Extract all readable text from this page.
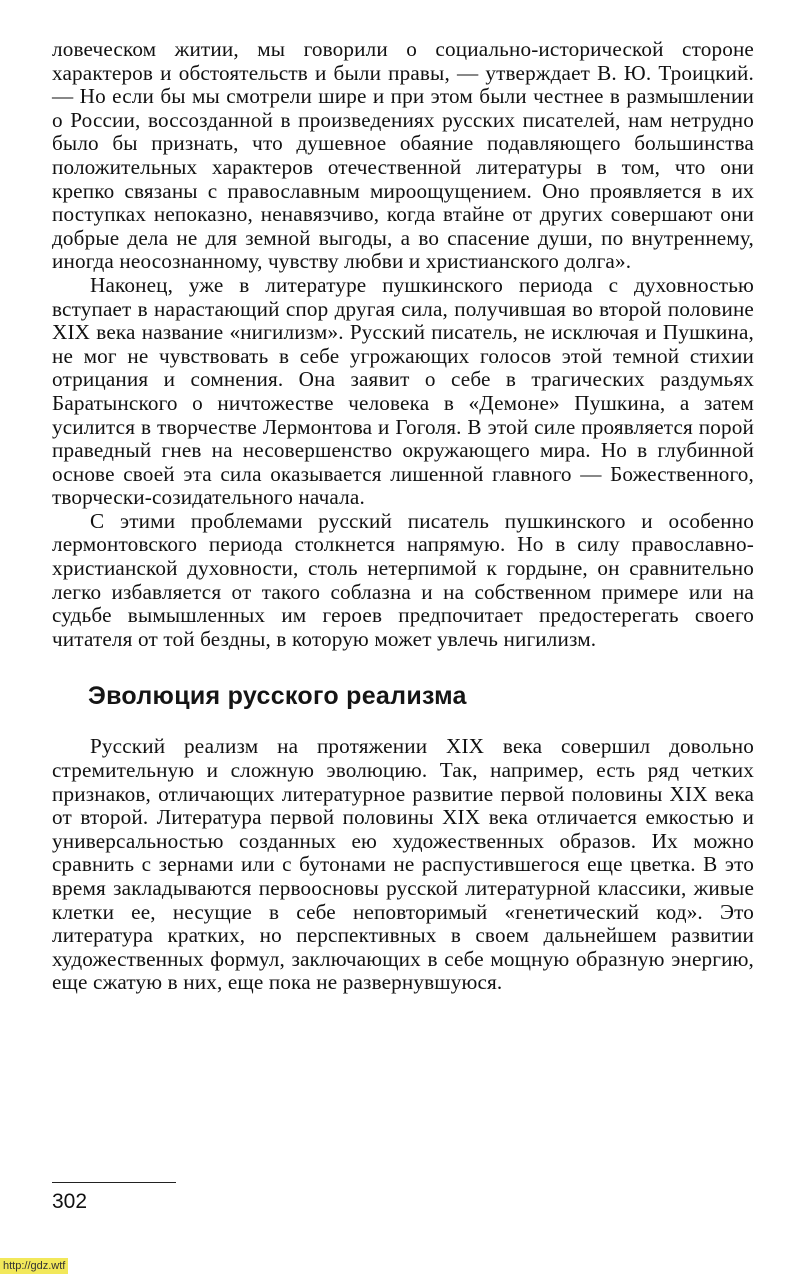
ловеческом житии, мы говорили о социально-исторической стороне характеров и обстоятельств и были правы, — утверждает В. Ю. Троицкий. — Но если бы мы смотрели шире и при этом были честнее в размышлении о России, воссозданной в произведениях русских писателей, нам нетрудно было бы признать, что душевное обаяние подавляющего большинства положительных характеров отечественной литературы в том, что они крепко связаны с православным мироощущением. Оно проявляется в их поступках непоказно, ненавязчиво, когда втайне от других совершают они добрые дела не для земной выгоды, а во спасение души, по внутреннему, иногда неосознанному, чувству любви и христианского долга».

Наконец, уже в литературе пушкинского периода с духовностью вступает в нарастающий спор другая сила, получившая во второй половине XIX века название «нигилизм». Русский писатель, не исключая и Пушкина, не мог не чувствовать в себе угрожающих голосов этой темной стихии отрицания и сомнения. Она заявит о себе в трагических раздумьях Баратынского о ничтожестве человека в «Демоне» Пушкина, а затем усилится в творчестве Лермонтова и Гоголя. В этой силе проявляется порой праведный гнев на несовершенство окружающего мира. Но в глубинной основе своей эта сила оказывается лишенной главного — Божественного, творчески-созидательного начала.

С этими проблемами русский писатель пушкинского и особенно лермонтовского периода столкнется напрямую. Но в силу православно-христианской духовности, столь нетерпимой к гордыне, он сравнительно легко избавляется от такого соблазна и на собственном примере или на судьбе вымышленных им героев предпочитает предостерегать своего читателя от той бездны, в которую может увлечь нигилизм.

Эволюция русского реализма

Русский реализм на протяжении XIX века совершил довольно стремительную и сложную эволюцию. Так, например, есть ряд четких признаков, отличающих литературное развитие первой половины XIX века от второй. Литература первой половины XIX века отличается емкостью и универсальностью созданных ею художественных образов. Их можно сравнить с зернами или с бутонами не распустившегося еще цветка. В это время закладываются первоосновы русской литературной классики, живые клетки ее, несущие в себе неповторимый «генетический код». Это литература кратких, но перспективных в своем дальнейшем развитии художественных формул, заключающих в себе мощную образную энергию, еще сжатую в них, еще пока не развернувшуюся.

302
http://gdz.wtf
